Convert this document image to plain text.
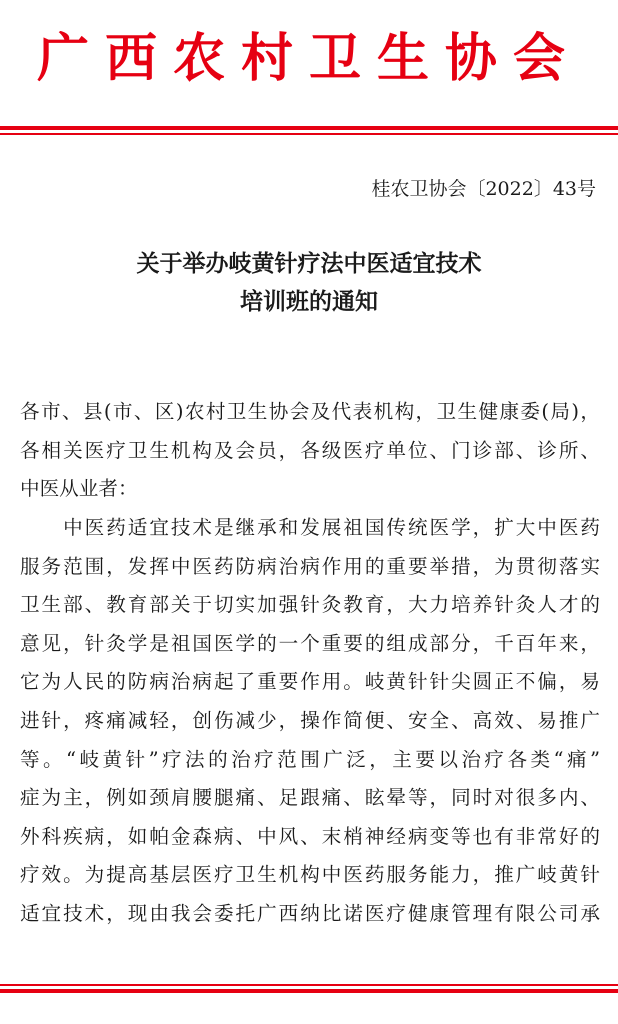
广西农村卫生协会
桂农卫协会〔2022〕43号
关于举办岐黄针疗法中医适宜技术
培训班的通知
各市、县(市、区)农村卫生协会及代表机构，卫生健康委(局)，
各相关医疗卫生机构及会员，各级医疗单位、门诊部、诊所、
中医从业者：
　　中医药适宜技术是继承和发展祖国传统医学，扩大中医药
服务范围，发挥中医药防病治病作用的重要举措，为贯彻落实
卫生部、教育部关于切实加强针灸教育，大力培养针灸人才的
意见，针灸学是祖国医学的一个重要的组成部分，千百年来，
它为人民的防病治病起了重要作用。岐黄针针尖圆正不偏，易
进针，疼痛减轻，创伤减少，操作简便、安全、高效、易推广
等。“岐黄针”疗法的治疗范围广泛，主要以治疗各类“痛”
症为主，例如颈肩腰腿痛、足跟痛、眩晕等，同时对很多内、
外科疾病，如帕金森病、中风、末梢神经病变等也有非常好的
疗效。为提高基层医疗卫生机构中医药服务能力，推广岐黄针
适宜技术，现由我会委托广西纳比诺医疗健康管理有限公司承
